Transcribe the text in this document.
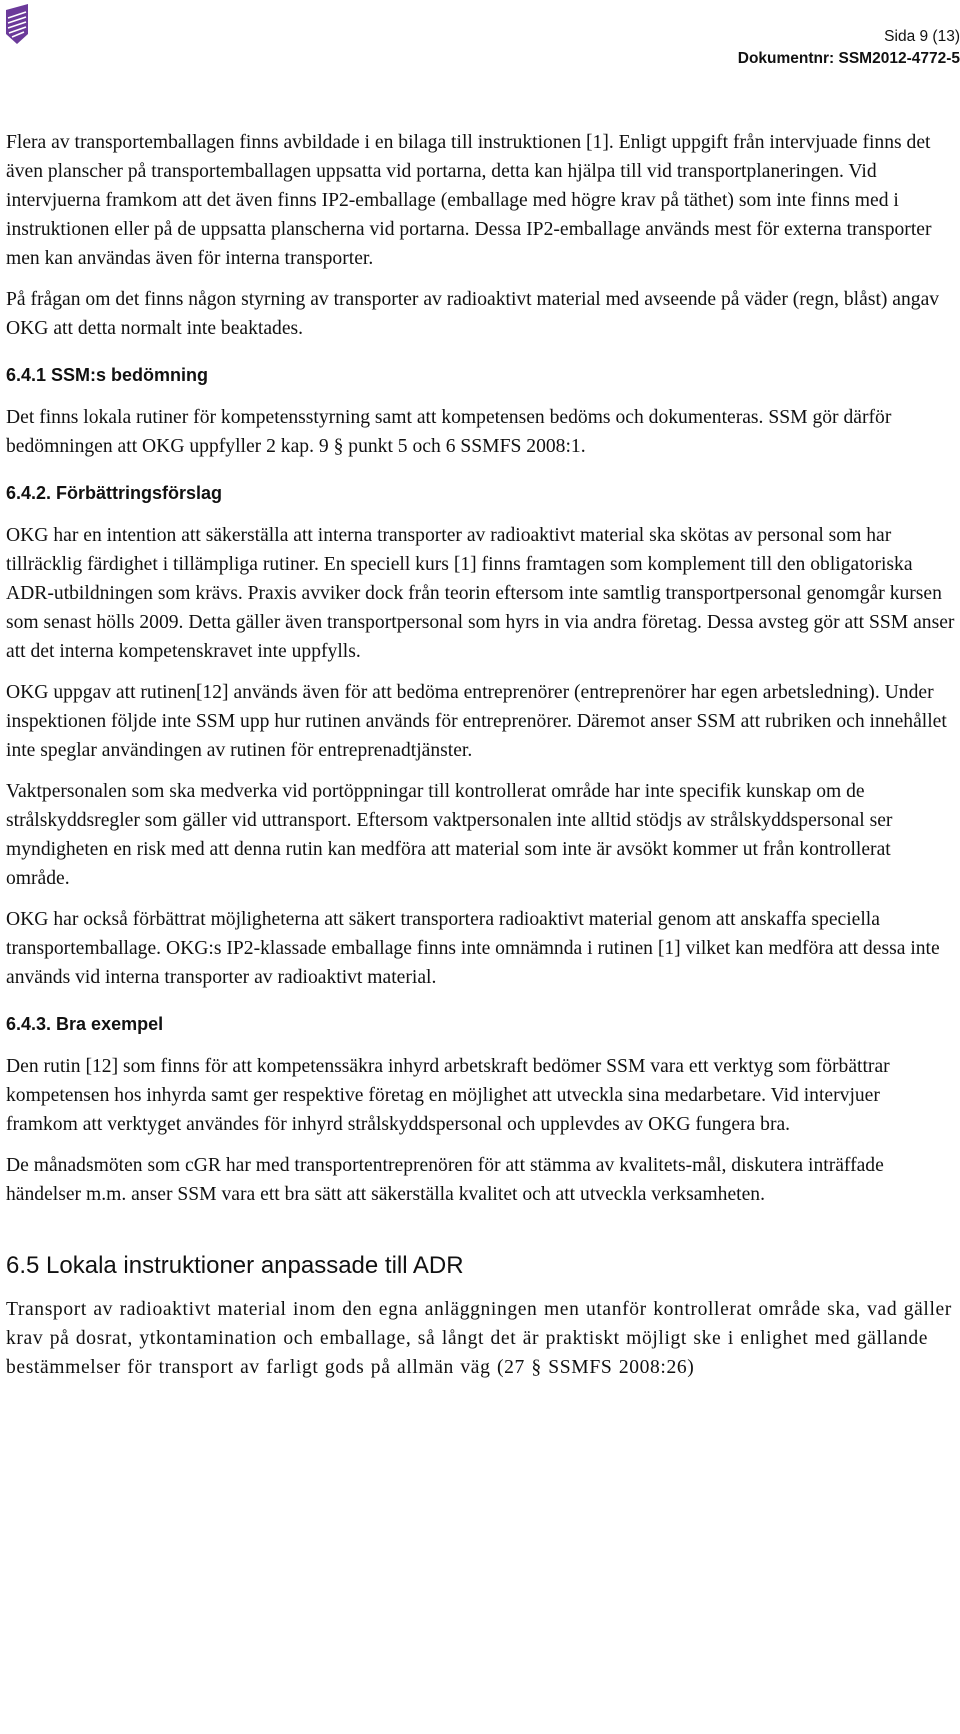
Sida 9 (13)
Dokumentnr: SSM2012-4772-5

Flera av transportemballagen finns avbildade i en bilaga till instruktionen [1]. Enligt uppgift från intervjuade finns det även planscher på transportemballagen uppsatta vid portarna, detta kan hjälpa till vid transportplaneringen. Vid intervjuerna framkom att det även finns IP2-emballage (emballage med högre krav på täthet) som inte finns med i instruktionen eller på de uppsatta planscherna vid portarna. Dessa IP2-emballage används mest för externa transporter men kan användas även för interna transporter.

På frågan om det finns någon styrning av transporter av radioaktivt material med avseende på väder (regn, blåst) angav OKG att detta normalt inte beaktades.

6.4.1 SSM:s bedömning

Det finns lokala rutiner för kompetensstyrning samt att kompetensen bedöms och dokumenteras. SSM gör därför bedömningen att OKG uppfyller 2 kap. 9 § punkt 5 och 6 SSMFS 2008:1.

6.4.2. Förbättringsförslag

OKG har en intention att säkerställa att interna transporter av radioaktivt material ska skötas av personal som har tillräcklig färdighet i tillämpliga rutiner. En speciell kurs [1] finns framtagen som komplement till den obligatoriska ADR-utbildningen som krävs. Praxis avviker dock från teorin eftersom inte samtlig transportpersonal genomgår kursen som senast hölls 2009. Detta gäller även transportpersonal som hyrs in via andra företag. Dessa avsteg gör att SSM anser att det interna kompetenskravet inte uppfylls.

OKG uppgav att rutinen[12] används även för att bedöma entreprenörer (entreprenörer har egen arbetsledning). Under inspektionen följde inte SSM upp hur rutinen används för entreprenörer. Däremot anser SSM att rubriken och innehållet inte speglar användingen av rutinen för entreprenadtjänster.

Vaktpersonalen som ska medverka vid portöppningar till kontrollerat område har inte specifik kunskap om de strålskyddsregler som gäller vid uttransport. Eftersom vaktpersonalen inte alltid stödjs av strålskyddspersonal ser myndigheten en risk med att denna rutin kan medföra att material som inte är avsökt kommer ut från kontrollerat område.

OKG har också förbättrat möjligheterna att säkert transportera radioaktivt material genom att anskaffa speciella transportemballage. OKG:s IP2-klassade emballage finns inte omnämnda i rutinen [1] vilket kan medföra att dessa inte används vid interna transporter av radioaktivt material.

6.4.3. Bra exempel

Den rutin [12] som finns för att kompetenssäkra inhyrd arbetskraft bedömer SSM vara ett verktyg som förbättrar kompetensen hos inhyrda samt ger respektive företag en möjlighet att utveckla sina medarbetare. Vid intervjuer framkom att verktyget användes för inhyrd strålskyddspersonal och upplevdes av OKG fungera bra.

De månadsmöten som cGR har med transportentreprenören för att stämma av kvalitets-mål, diskutera inträffade händelser m.m. anser SSM vara ett bra sätt att säkerställa kvalitet och att utveckla verksamheten.

6.5 Lokala instruktioner anpassade till ADR

Transport av radioaktivt material inom den egna anläggningen men utanför kontrollerat område ska, vad gäller krav på dosrat, ytkontamination och emballage, så långt det är praktiskt möjligt ske i enlighet med gällande bestämmelser för transport av farligt gods på allmän väg (27 § SSMFS 2008:26)
